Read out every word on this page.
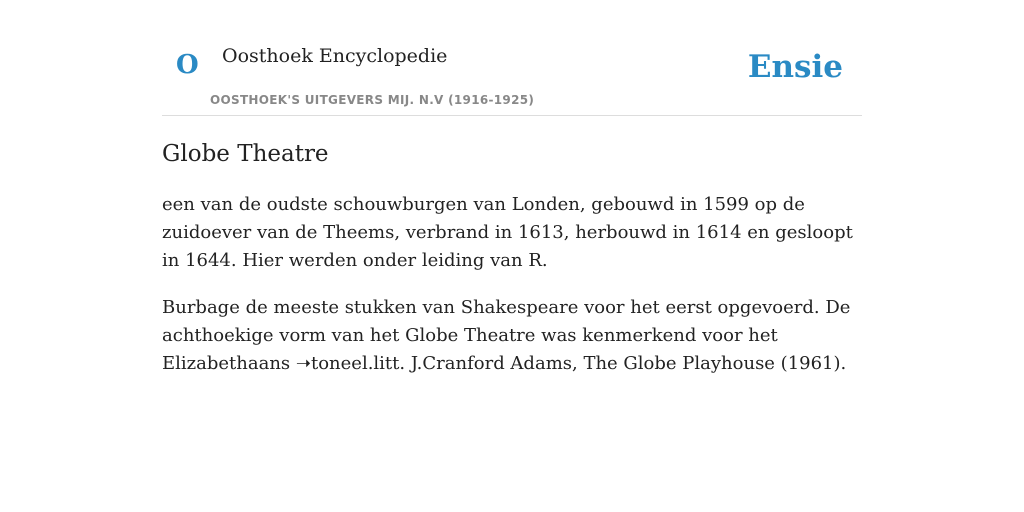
O Oosthoek Encyclopedie
OOSTHOEK'S UITGEVERS MIJ. N.V (1916-1925)
Ensie
Globe Theatre

een van de oudste schouwburgen van Londen, gebouwd in 1599 op de zuidoever van de Theems, verbrand in 1613, herbouwd in 1614 en gesloopt in 1644. Hier werden onder leiding van R.

Burbage de meeste stukken van Shakespeare voor het eerst opgevoerd. De achthoekige vorm van het Globe Theatre was kenmerkend voor het Elizabethaans ➝toneel.litt. J.Cranford Adams, The Globe Playhouse (1961).
